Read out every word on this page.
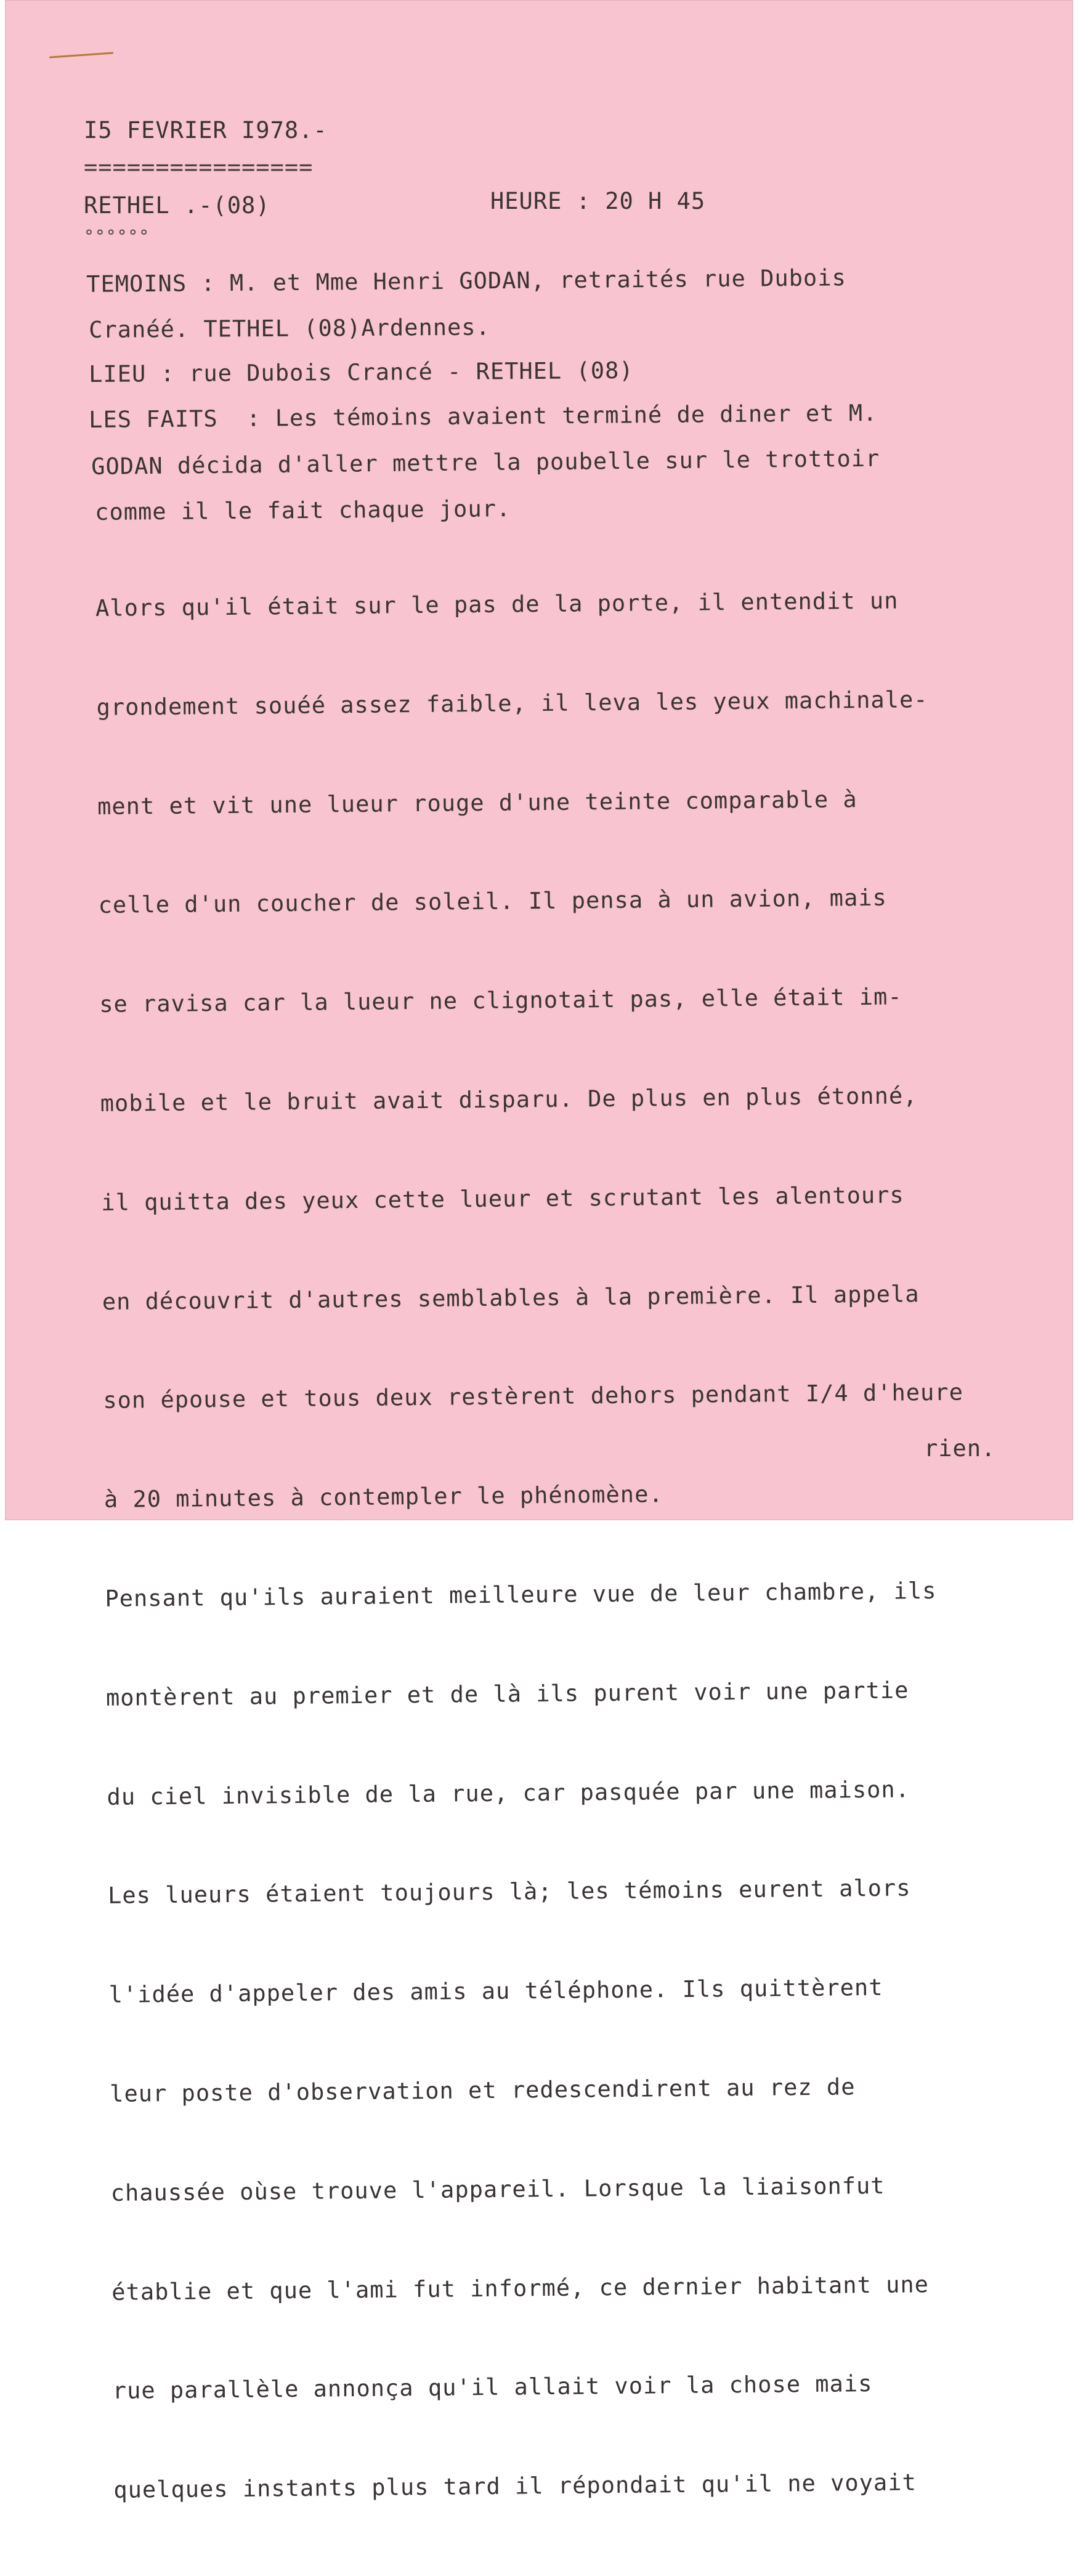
I5 FEVRIER I978.-
================
RETHEL .-(08)	HEURE : 20 H 45
°°°°°°
TEMOINS : M. et Mme Henri GODAN, retraités rue Dubois
Cranéé. TETHEL (08)Ardennes.
LIEU : rue Dubois Crancé - RETHEL (08)
LES FAITS  : Les témoins avaient terminé de diner et M.
GODAN décida d'aller mettre la poubelle sur le trottoir
comme il le fait chaque jour.

Alors qu'il était sur le pas de la porte, il entendit un

grondement souéé assez faible, il leva les yeux machinale-

ment et vit une lueur rouge d'une teinte comparable à

celle d'un coucher de soleil. Il pensa à un avion, mais

se ravisa car la lueur ne clignotait pas, elle était im-

mobile et le bruit avait disparu. De plus en plus étonné,

il quitta des yeux cette lueur et scrutant les alentours

en découvrit d'autres semblables à la première. Il appela

son épouse et tous deux restèrent dehors pendant I/4 d'heure

à 20 minutes à contempler le phénomène.

Pensant qu'ils auraient meilleure vue de leur chambre, ils

montèrent au premier et de là ils purent voir une partie

du ciel invisible de la rue, car pasquée par une maison.

Les lueurs étaient toujours là; les témoins eurent alors

l'idée d'appeler des amis au téléphone. Ils quittèrent

leur poste d'observation et redescendirent au rez de

chaussée oùse trouve l'appareil. Lorsque la liaisonfut

établie et que l'ami fut informé, ce dernier habitant une

rue parallèle annonça qu'il allait voir la chose mais

quelques instants plus tard il répondait qu'il ne voyait

rien.
